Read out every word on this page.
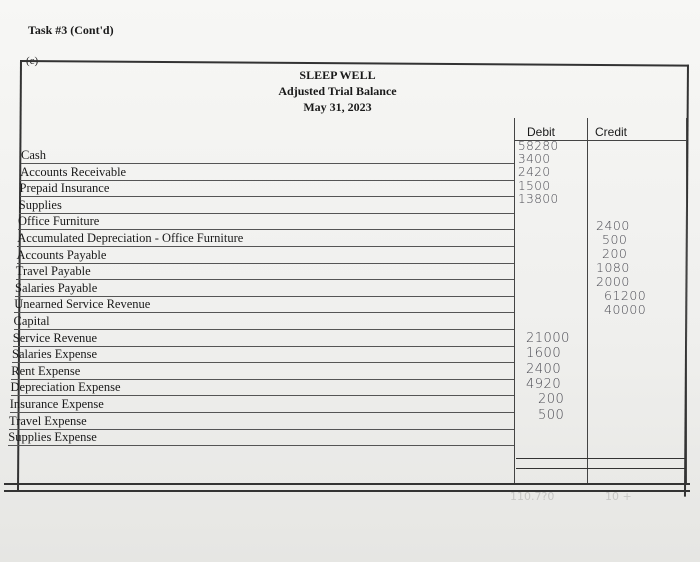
Task #3 (Cont'd)
(c)
SLEEP WELL
Adjusted Trial Balance
May 31, 2023
Debit	Credit
Cash
Accounts Receivable
Prepaid Insurance
Supplies
Office Furniture
Accumulated Depreciation - Office Furniture
Accounts Payable
Travel Payable
Salaries Payable
Unearned Service Revenue
Capital
Service Revenue
Salaries Expense
Rent Expense
Depreciation Expense
Insurance Expense
Travel Expense
Supplies Expense
58280
3400
2420
1500
13800
21000
1600
2400
4920
200
500
2400
500
200
1080
2000
61200
40000
110.7?0	10 +
